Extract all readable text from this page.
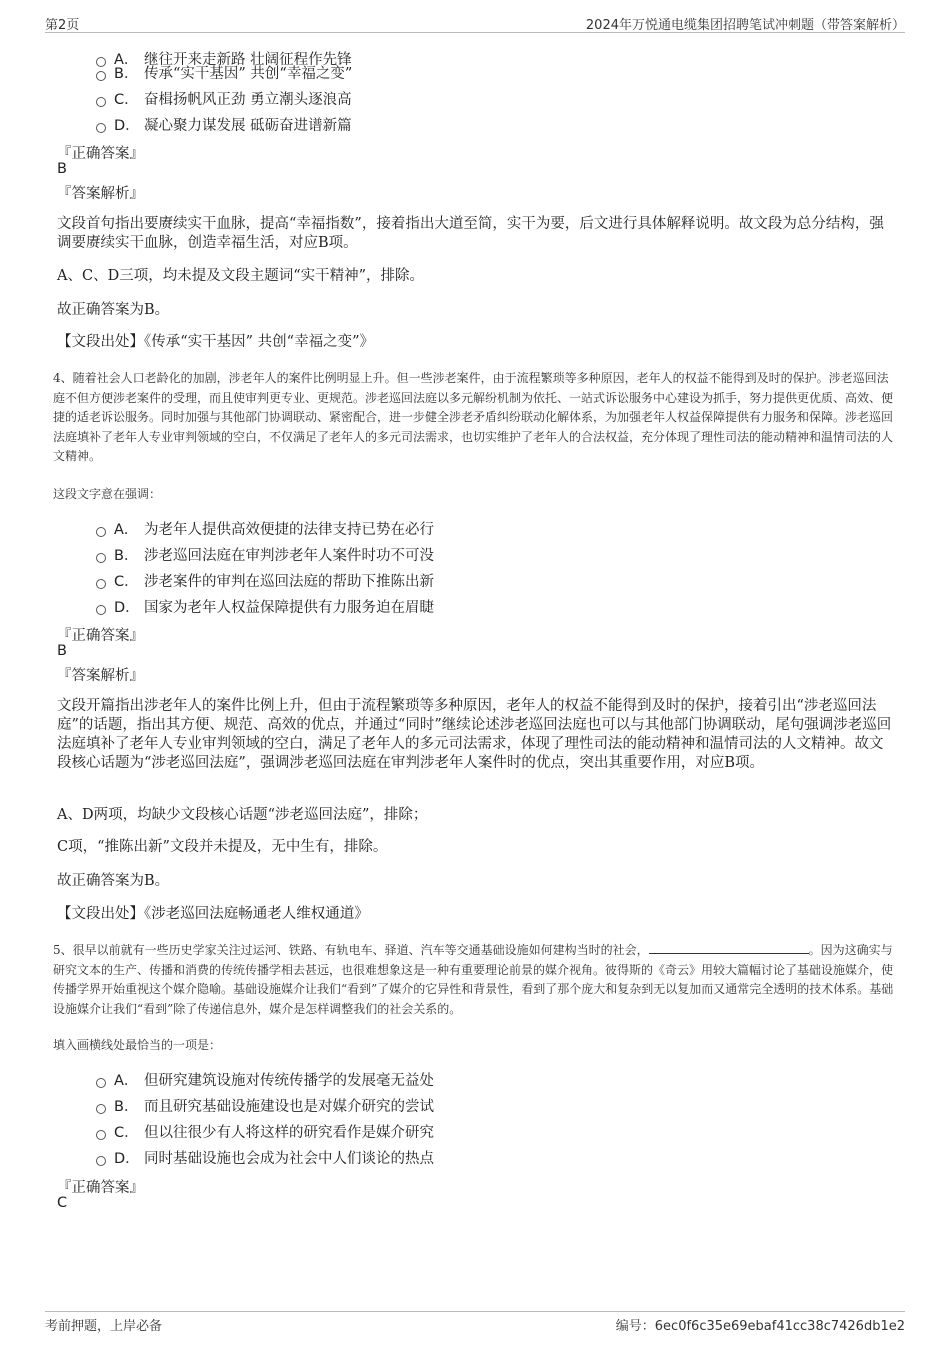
第2页	2024年万悦通电缆集团招聘笔试冲刺题（带答案解析）
A． 继往开来走新路 壮阔征程作先锋
B． 传承“实干基因” 共创“幸福之变”
C． 奋楫扬帆风正劲 勇立潮头逐浪高
D． 凝心聚力谋发展 砥砺奋进谱新篇
『正确答案』
B
『答案解析』
文段首句指出要赓续实干血脉，提高“幸福指数”，接着指出大道至简，实干为要，后文进行具体解释说明。故文段为总分结构，强调要赓续实干血脉，创造幸福生活，对应B项。
A、C、D三项，均未提及文段主题词“实干精神”，排除。
故正确答案为B。
【文段出处】《传承“实干基因” 共创“幸福之变”》
4、随着社会人口老龄化的加剧，涉老年人的案件比例明显上升。但一些涉老案件，由于流程繁琐等多种原因，老年人的权益不能得到及时的保护。涉老巡回法庭不但方便涉老案件的受理，而且使审判更专业、更规范。涉老巡回法庭以多元解纷机制为依托、一站式诉讼服务中心建设为抓手，努力提供更优质、高效、便捷的适老诉讼服务。同时加强与其他部门协调联动、紧密配合，进一步健全涉老矛盾纠纷联动化解体系，为加强老年人权益保障提供有力服务和保障。涉老巡回法庭填补了老年人专业审判领域的空白，不仅满足了老年人的多元司法需求，也切实维护了老年人的合法权益，充分体现了理性司法的能动精神和温情司法的人文精神。
这段文字意在强调：
A． 为老年人提供高效便捷的法律支持已势在必行
B． 涉老巡回法庭在审判涉老年人案件时功不可没
C． 涉老案件的审判在巡回法庭的帮助下推陈出新
D． 国家为老年人权益保障提供有力服务迫在眉睫
『正确答案』
B
『答案解析』
文段开篇指出涉老年人的案件比例上升，但由于流程繁琐等多种原因，老年人的权益不能得到及时的保护，接着引出“涉老巡回法庭”的话题，指出其方便、规范、高效的优点，并通过“同时”继续论述涉老巡回法庭也可以与其他部门协调联动，尾句强调涉老巡回法庭填补了老年人专业审判领域的空白，满足了老年人的多元司法需求，体现了理性司法的能动精神和温情司法的人文精神。故文段核心话题为“涉老巡回法庭”，强调涉老巡回法庭在审判涉老年人案件时的优点，突出其重要作用，对应B项。
A、D两项，均缺少文段核心话题“涉老巡回法庭”，排除；
C项，“推陈出新”文段并未提及，无中生有，排除。
故正确答案为B。
【文段出处】《涉老巡回法庭畅通老人维权通道》
5、很早以前就有一些历史学家关注过运河、铁路、有轨电车、驿道、汽车等交通基础设施如何建构当时的社会，	。因为这确实与研究文本的生产、传播和消费的传统传播学相去甚远，也很难想象这是一种有重要理论前景的媒介视角。彼得斯的《奇云》用较大篇幅讨论了基础设施媒介，使传播学界开始重视这个媒介隐喻。基础设施媒介让我们“看到”了媒介的它异性和背景性，看到了那个庞大和复杂到无以复加而又通常完全透明的技术体系。基础设施媒介让我们“看到”除了传递信息外，媒介是怎样调整我们的社会关系的。
填入画横线处最恰当的一项是：
A． 但研究建筑设施对传统传播学的发展毫无益处
B． 而且研究基础设施建设也是对媒介研究的尝试
C． 但以往很少有人将这样的研究看作是媒介研究
D． 同时基础设施也会成为社会中人们谈论的热点
『正确答案』
C
考前押题，上岸必备	编号：6ec0f6c35e69ebaf41cc38c7426db1e2
